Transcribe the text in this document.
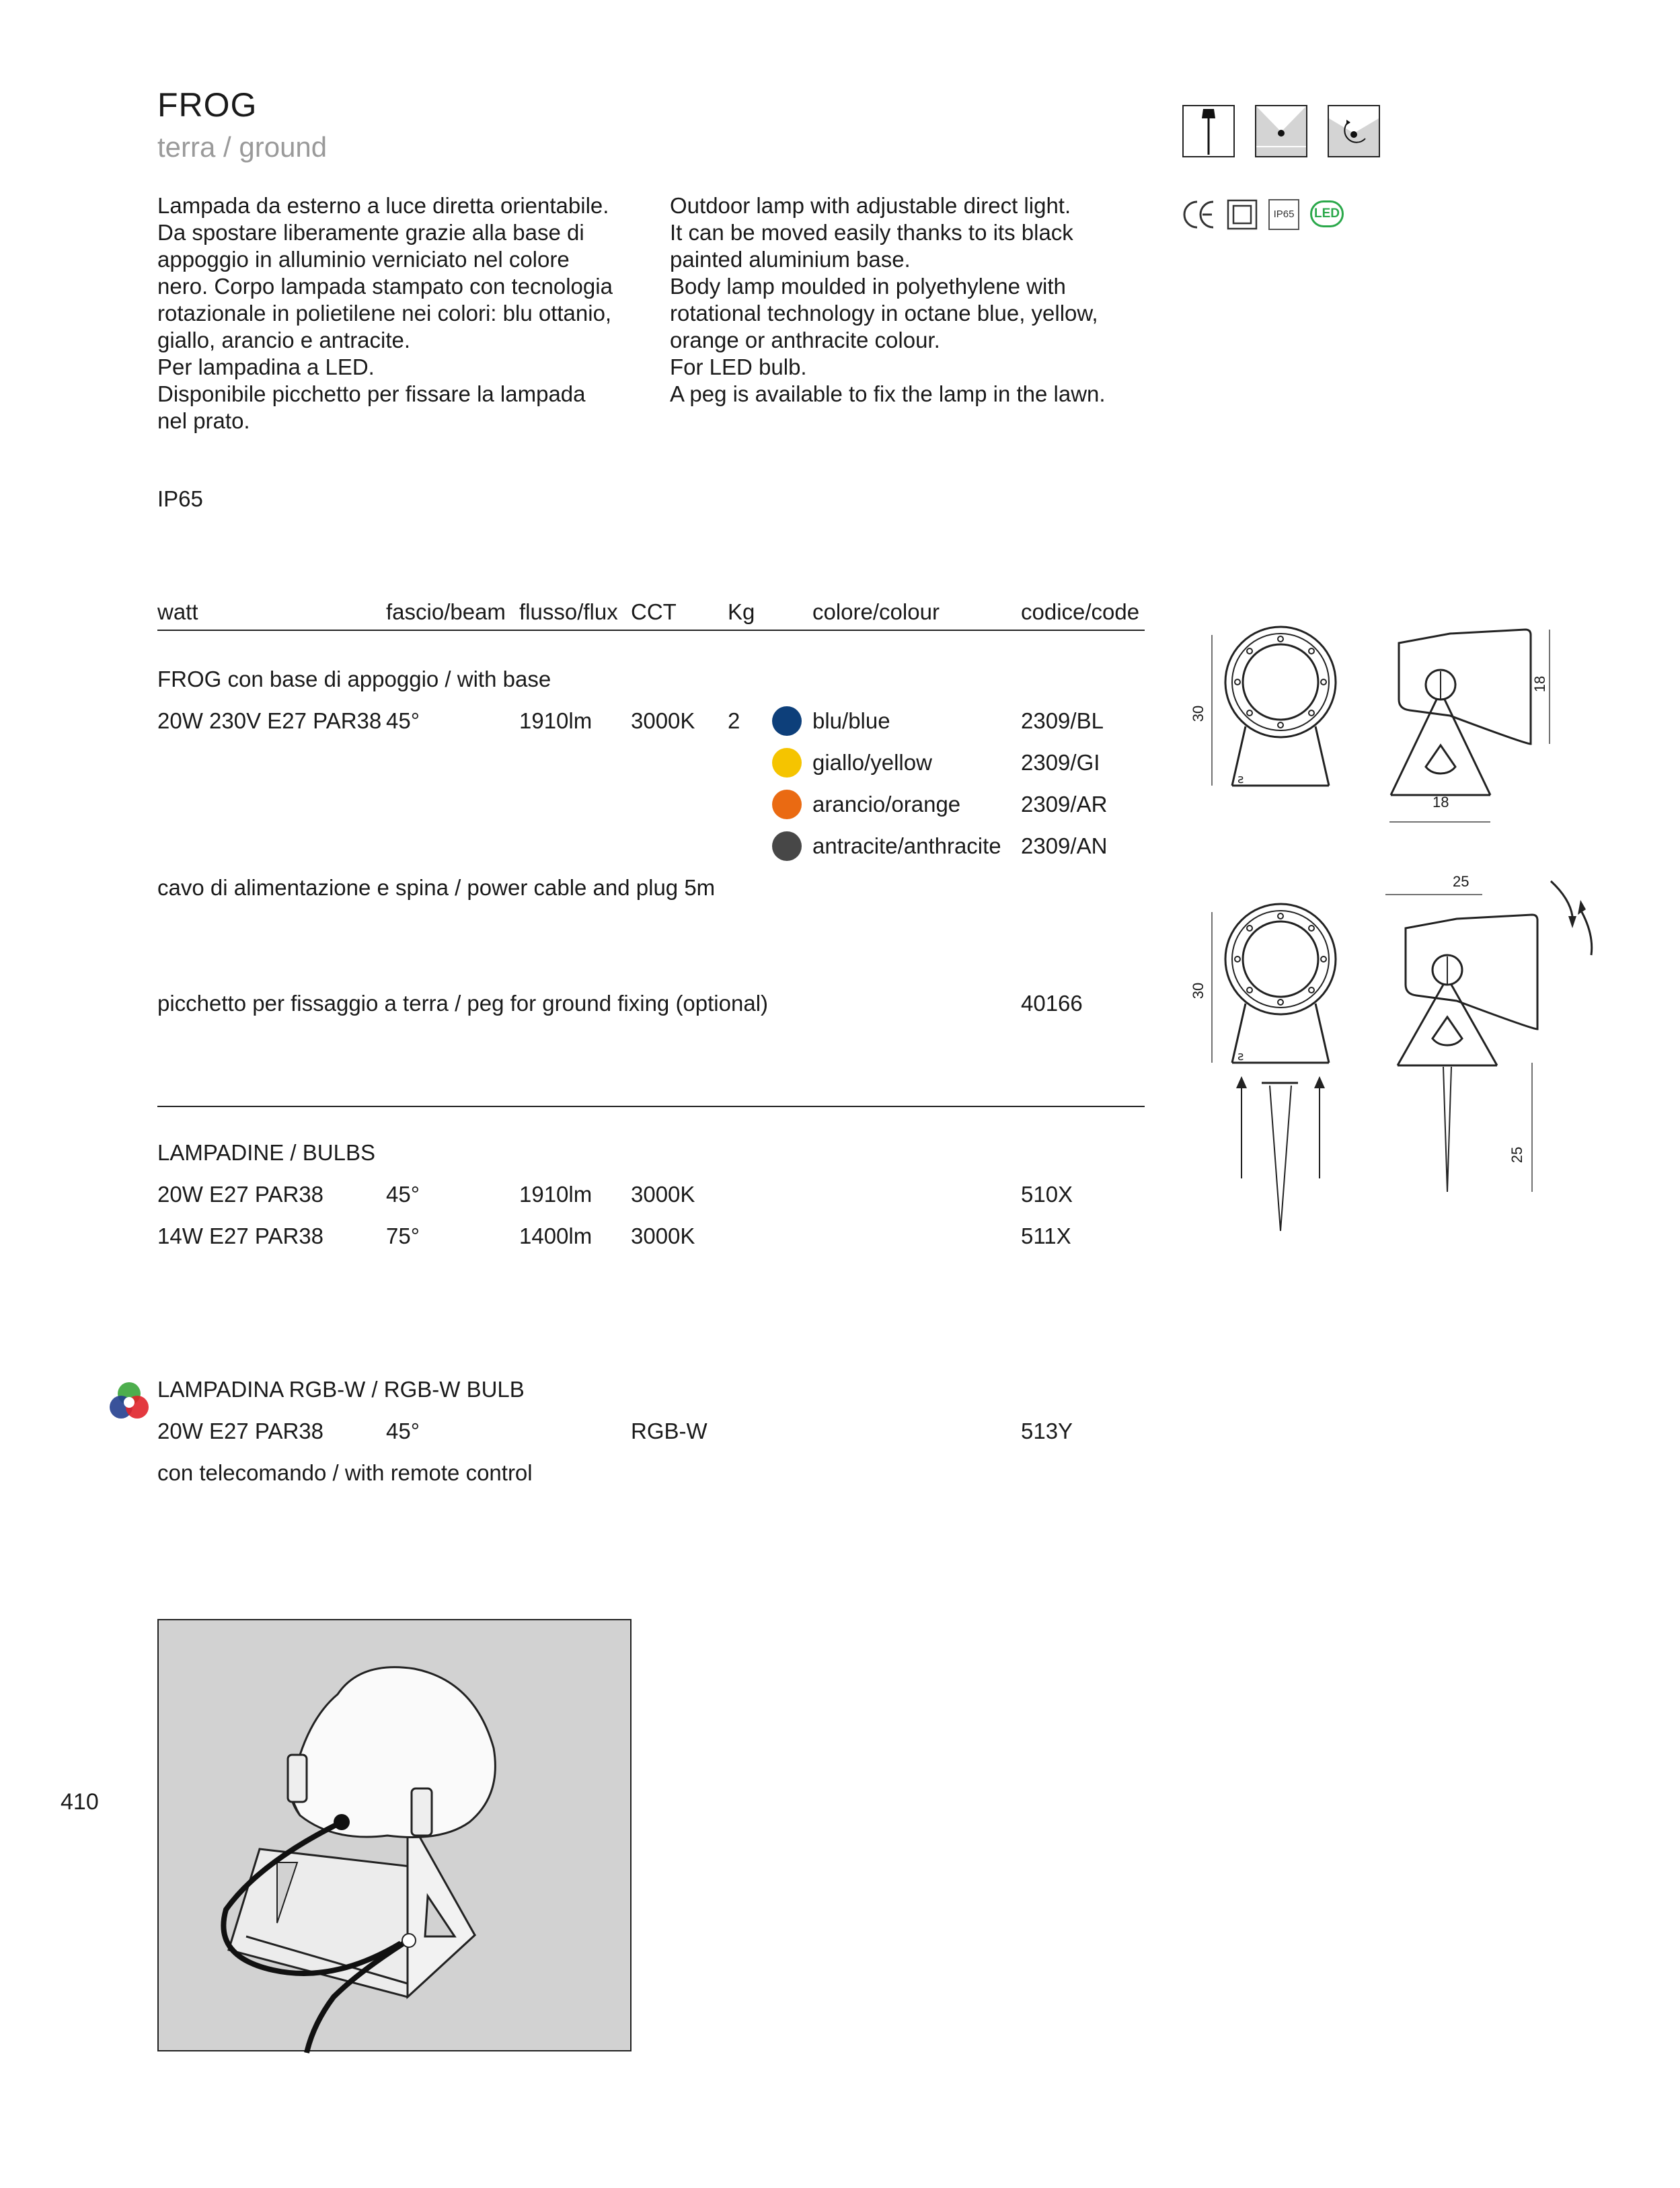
FROG
terra / ground
IP65	LED
Lampada da esterno a luce diretta orientabile.
Da spostare liberamente grazie alla base di
appoggio in alluminio verniciato nel colore
nero. Corpo lampada stampato con tecnologia
rotazionale in polietilene nei colori: blu ottanio,
giallo, arancio e antracite.
Per lampadina a LED.
Disponibile picchetto per fissare la lampada
nel prato.
Outdoor lamp with adjustable direct light.
It can be moved easily thanks to its black
painted aluminium base.
Body lamp moulded in polyethylene with
rotational technology in octane blue, yellow,
orange or anthracite colour.
For LED bulb.
A peg is available to fix the lamp in the lawn.
IP65
watt	fascio/beam flusso/flux CCT Kg	colore/colour	codice/code
FROG con base di appoggio / with base
20W 230V E27 PAR38 45°	1910lm 3000K 2	blu/blue	2309/BL
giallo/yellow	2309/GI
arancio/orange	2309/AR
antracite/anthracite 2309/AN
cavo di alimentazione e spina / power cable and plug 5m
picchetto per fissaggio a terra / peg for ground fixing (optional)	40166
LAMPADINE / BULBS
20W E27 PAR38	45°	1910lm 3000K	510X
14W E27 PAR38	75°	1400lm 3000K	511X
LAMPADINA RGB-W / RGB-W BULB
20W E27 PAR38	45°	RGB-W	513Y
con telecomando / with remote control
ƨ
30
18
18
25
ƨ
30
25
410
